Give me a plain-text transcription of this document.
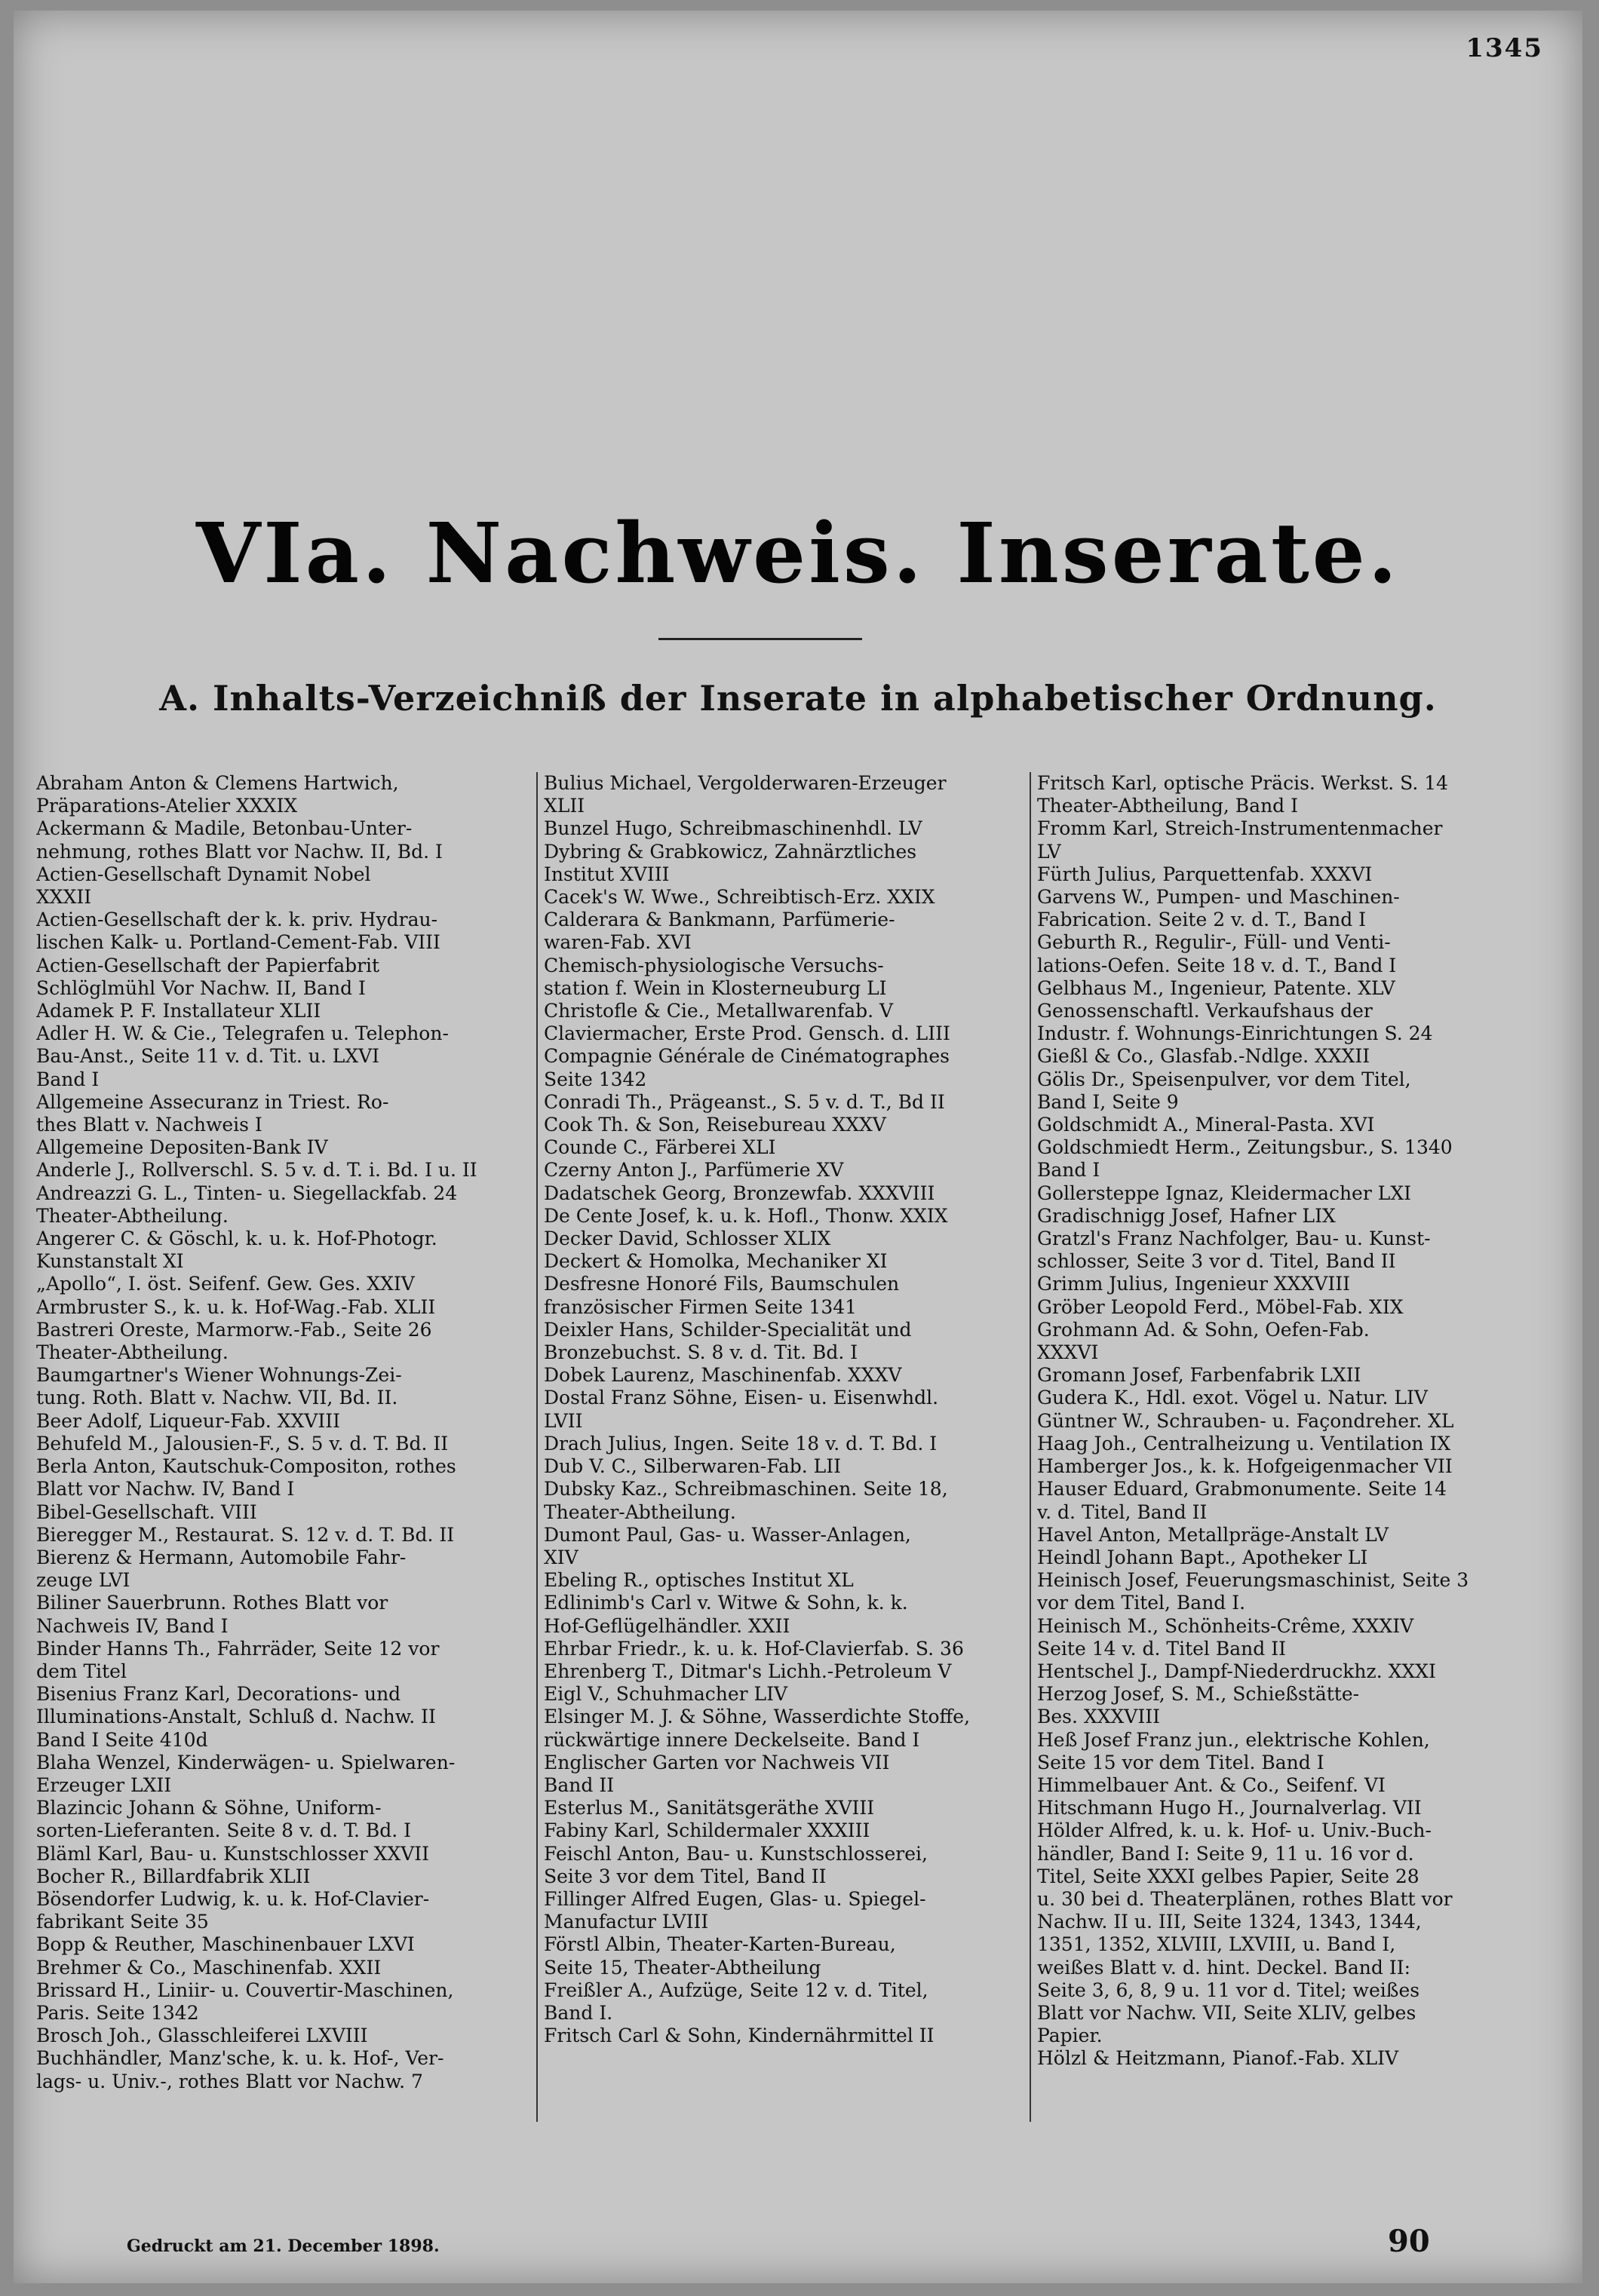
1345
VIa. Nachweis. Inserate.
A. Inhalts-Verzeichniß der Inserate in alphabetischer Ordnung.
Abraham Anton & Clemens Hartwich,
Präparations-Atelier XXXIX
Ackermann & Madile, Betonbau-Unter-
nehmung, rothes Blatt vor Nachw. II, Bd. I
Actien-Gesellschaft Dynamit Nobel
XXXII
Actien-Gesellschaft der k. k. priv. Hydrau-
lischen Kalk- u. Portland-Cement-Fab. VIII
Actien-Gesellschaft der Papierfabrit
Schlöglmühl Vor Nachw. II, Band I
Adamek P. F. Installateur XLII
Adler H. W. & Cie., Telegrafen u. Telephon-
Bau-Anst., Seite 11 v. d. Tit. u. LXVI
Band I
Allgemeine Assecuranz in Triest. Ro-
thes Blatt v. Nachweis I
Allgemeine Depositen-Bank IV
Anderle J., Rollverschl. S. 5 v. d. T. i. Bd. I u. II
Andreazzi G. L., Tinten- u. Siegellackfab. 24
Theater-Abtheilung.
Angerer C. & Göschl, k. u. k. Hof-Photogr.
Kunstanstalt XI
„Apollo“, I. öst. Seifenf. Gew. Ges. XXIV
Armbruster S., k. u. k. Hof-Wag.-Fab. XLII
Bastreri Oreste, Marmorw.-Fab., Seite 26
Theater-Abtheilung.
Baumgartner's Wiener Wohnungs-Zei-
tung. Roth. Blatt v. Nachw. VII, Bd. II.
Beer Adolf, Liqueur-Fab. XXVIII
Behufeld M., Jalousien-F., S. 5 v. d. T. Bd. II
Berla Anton, Kautschuk-Compositon, rothes
Blatt vor Nachw. IV, Band I
Bibel-Gesellschaft. VIII
Bieregger M., Restaurat. S. 12 v. d. T. Bd. II
Bierenz & Hermann, Automobile Fahr-
zeuge LVI
Biliner Sauerbrunn. Rothes Blatt vor
Nachweis IV, Band I
Binder Hanns Th., Fahrräder, Seite 12 vor
dem Titel
Bisenius Franz Karl, Decorations- und
Illuminations-Anstalt, Schluß d. Nachw. II
Band I Seite 410d
Blaha Wenzel, Kinderwägen- u. Spielwaren-
Erzeuger LXII
Blazincic Johann & Söhne, Uniform-
sorten-Lieferanten. Seite 8 v. d. T. Bd. I
Bläml Karl, Bau- u. Kunstschlosser XXVII
Bocher R., Billardfabrik XLII
Bösendorfer Ludwig, k. u. k. Hof-Clavier-
fabrikant Seite 35
Bopp & Reuther, Maschinenbauer LXVI
Brehmer & Co., Maschinenfab. XXII
Brissard H., Liniir- u. Couvertir-Maschinen,
Paris. Seite 1342
Brosch Joh., Glasschleiferei LXVIII
Buchhändler, Manz'sche, k. u. k. Hof-, Ver-
lags- u. Univ.-, rothes Blatt vor Nachw. 7
Bulius Michael, Vergolderwaren-Erzeuger
XLII
Bunzel Hugo, Schreibmaschinenhdl. LV
Dybring & Grabkowicz, Zahnärztliches
Institut XVIII
Cacek's W. Wwe., Schreibtisch-Erz. XXIX
Calderara & Bankmann, Parfümerie-
waren-Fab. XVI
Chemisch-physiologische Versuchs-
station f. Wein in Klosterneuburg LI
Christofle & Cie., Metallwarenfab. V
Claviermacher, Erste Prod. Gensch. d. LIII
Compagnie Générale de Cinématographes
Seite 1342
Conradi Th., Prägeanst., S. 5 v. d. T., Bd II
Cook Th. & Son, Reisebureau XXXV
Counde C., Färberei XLI
Czerny Anton J., Parfümerie XV
Dadatschek Georg, Bronzewfab. XXXVIII
De Cente Josef, k. u. k. Hofl., Thonw. XXIX
Decker David, Schlosser XLIX
Deckert & Homolka, Mechaniker XI
Desfresne Honoré Fils, Baumschulen
französischer Firmen Seite 1341
Deixler Hans, Schilder-Specialität und
Bronzebuchst. S. 8 v. d. Tit. Bd. I
Dobek Laurenz, Maschinenfab. XXXV
Dostal Franz Söhne, Eisen- u. Eisenwhdl.
LVII
Drach Julius, Ingen. Seite 18 v. d. T. Bd. I
Dub V. C., Silberwaren-Fab. LII
Dubsky Kaz., Schreibmaschinen. Seite 18,
Theater-Abtheilung.
Dumont Paul, Gas- u. Wasser-Anlagen,
XIV
Ebeling R., optisches Institut XL
Edlinimb's Carl v. Witwe & Sohn, k. k.
Hof-Geflügelhändler. XXII
Ehrbar Friedr., k. u. k. Hof-Clavierfab. S. 36
Ehrenberg T., Ditmar's Lichh.-Petroleum V
Eigl V., Schuhmacher LIV
Elsinger M. J. & Söhne, Wasserdichte Stoffe,
rückwärtige innere Deckelseite. Band I
Englischer Garten vor Nachweis VII
Band II
Esterlus M., Sanitätsgeräthe XVIII
Fabiny Karl, Schildermaler XXXIII
Feischl Anton, Bau- u. Kunstschlosserei,
Seite 3 vor dem Titel, Band II
Fillinger Alfred Eugen, Glas- u. Spiegel-
Manufactur LVIII
Förstl Albin, Theater-Karten-Bureau,
Seite 15, Theater-Abtheilung
Freißler A., Aufzüge, Seite 12 v. d. Titel,
Band I.
Fritsch Carl & Sohn, Kindernährmittel II
Fritsch Karl, optische Präcis. Werkst. S. 14
Theater-Abtheilung, Band I
Fromm Karl, Streich-Instrumentenmacher
LV
Fürth Julius, Parquettenfab. XXXVI
Garvens W., Pumpen- und Maschinen-
Fabrication. Seite 2 v. d. T., Band I
Geburth R., Regulir-, Füll- und Venti-
lations-Oefen. Seite 18 v. d. T., Band I
Gelbhaus M., Ingenieur, Patente. XLV
Genossenschaftl. Verkaufshaus der
Industr. f. Wohnungs-Einrichtungen S. 24
Gießl & Co., Glasfab.-Ndlge. XXXII
Gölis Dr., Speisenpulver, vor dem Titel,
Band I, Seite 9
Goldschmidt A., Mineral-Pasta. XVI
Goldschmiedt Herm., Zeitungsbur., S. 1340
Band I
Gollersteppe Ignaz, Kleidermacher LXI
Gradischnigg Josef, Hafner LIX
Gratzl's Franz Nachfolger, Bau- u. Kunst-
schlosser, Seite 3 vor d. Titel, Band II
Grimm Julius, Ingenieur XXXVIII
Gröber Leopold Ferd., Möbel-Fab. XIX
Grohmann Ad. & Sohn, Oefen-Fab.
XXXVI
Gromann Josef, Farbenfabrik LXII
Gudera K., Hdl. exot. Vögel u. Natur. LIV
Güntner W., Schrauben- u. Façondreher. XL
Haag Joh., Centralheizung u. Ventilation IX
Hamberger Jos., k. k. Hofgeigenmacher VII
Hauser Eduard, Grabmonumente. Seite 14
v. d. Titel, Band II
Havel Anton, Metallpräge-Anstalt LV
Heindl Johann Bapt., Apotheker LI
Heinisch Josef, Feuerungsmaschinist, Seite 3
vor dem Titel, Band I.
Heinisch M., Schönheits-Crême, XXXIV
Seite 14 v. d. Titel Band II
Hentschel J., Dampf-Niederdruckhz. XXXI
Herzog Josef, S. M., Schießstätte-
Bes. XXXVIII
Heß Josef Franz jun., elektrische Kohlen,
Seite 15 vor dem Titel. Band I
Himmelbauer Ant. & Co., Seifenf. VI
Hitschmann Hugo H., Journalverlag. VII
Hölder Alfred, k. u. k. Hof- u. Univ.-Buch-
händler, Band I: Seite 9, 11 u. 16 vor d.
Titel, Seite XXXI gelbes Papier, Seite 28
u. 30 bei d. Theaterplänen, rothes Blatt vor
Nachw. II u. III, Seite 1324, 1343, 1344,
1351, 1352, XLVIII, LXVIII, u. Band I,
weißes Blatt v. d. hint. Deckel. Band II:
Seite 3, 6, 8, 9 u. 11 vor d. Titel; weißes
Blatt vor Nachw. VII, Seite XLIV, gelbes
Papier.
Hölzl & Heitzmann, Pianof.-Fab. XLIV
Gedruckt am 21. December 1898.	90
